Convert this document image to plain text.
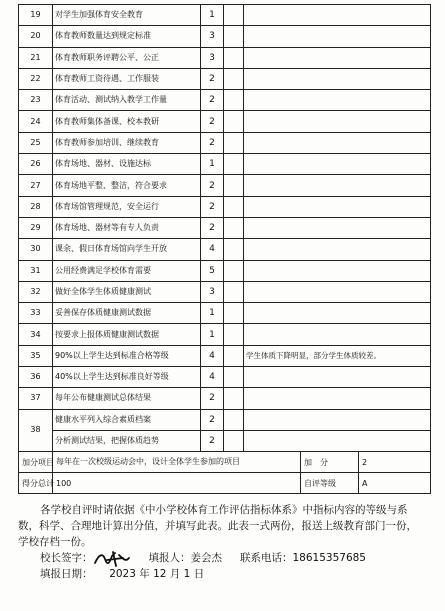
19	对学生加强体育安全教育	1		
20	体育教师数量达到规定标准	3		
21	体育教师职务评聘公平、公正	3		
22	体育教师工资待遇、工作服装	2		
23	体育活动、测试纳入教学工作量	2		
24	体育教师集体备课、校本教研	2		
25	体育教师参加培训、继续教育	2		
26	体育场地、器材、设施达标	1		
27	体育场地平整、整洁，符合要求	2		
28	体育场馆管理规范，安全运行	2		
29	体育场地、器材等有专人负责	2		
30	课余、假日体育场馆向学生开放	4		
31	公用经费满足学校体育需要	5		
32	做好全体学生体质健康测试	3		
33	妥善保存体质健康测试数据	1		
34	按要求上报体质健康测试数据	1		
35	90%以上学生达到标准合格等级	4		学生体质下降明显，部分学生体质较差。
36	40%以上学生达到标准良好等级	4		
37	每年公布健康测试总体结果	2		
38	健康水平列入综合素质档案	2		
	分析测试结果，把握体质趋势	2		
加分项目	每年在一次校级运动会中，设计全体学生参加的项目	加　分	2
得分总计	100	自评等级	A

各学校自评时请依据《中小学校体育工作评估指标体系》中指标内容的等级与系数，科学、合理地计算出分值，并填写此表。此表一式两份，报送上级教育部门一份，学校存档一份。

校长签字：	填报人：姜会杰 联系电话：18615357685

填报日期： 2023 年 12 月 1 日
